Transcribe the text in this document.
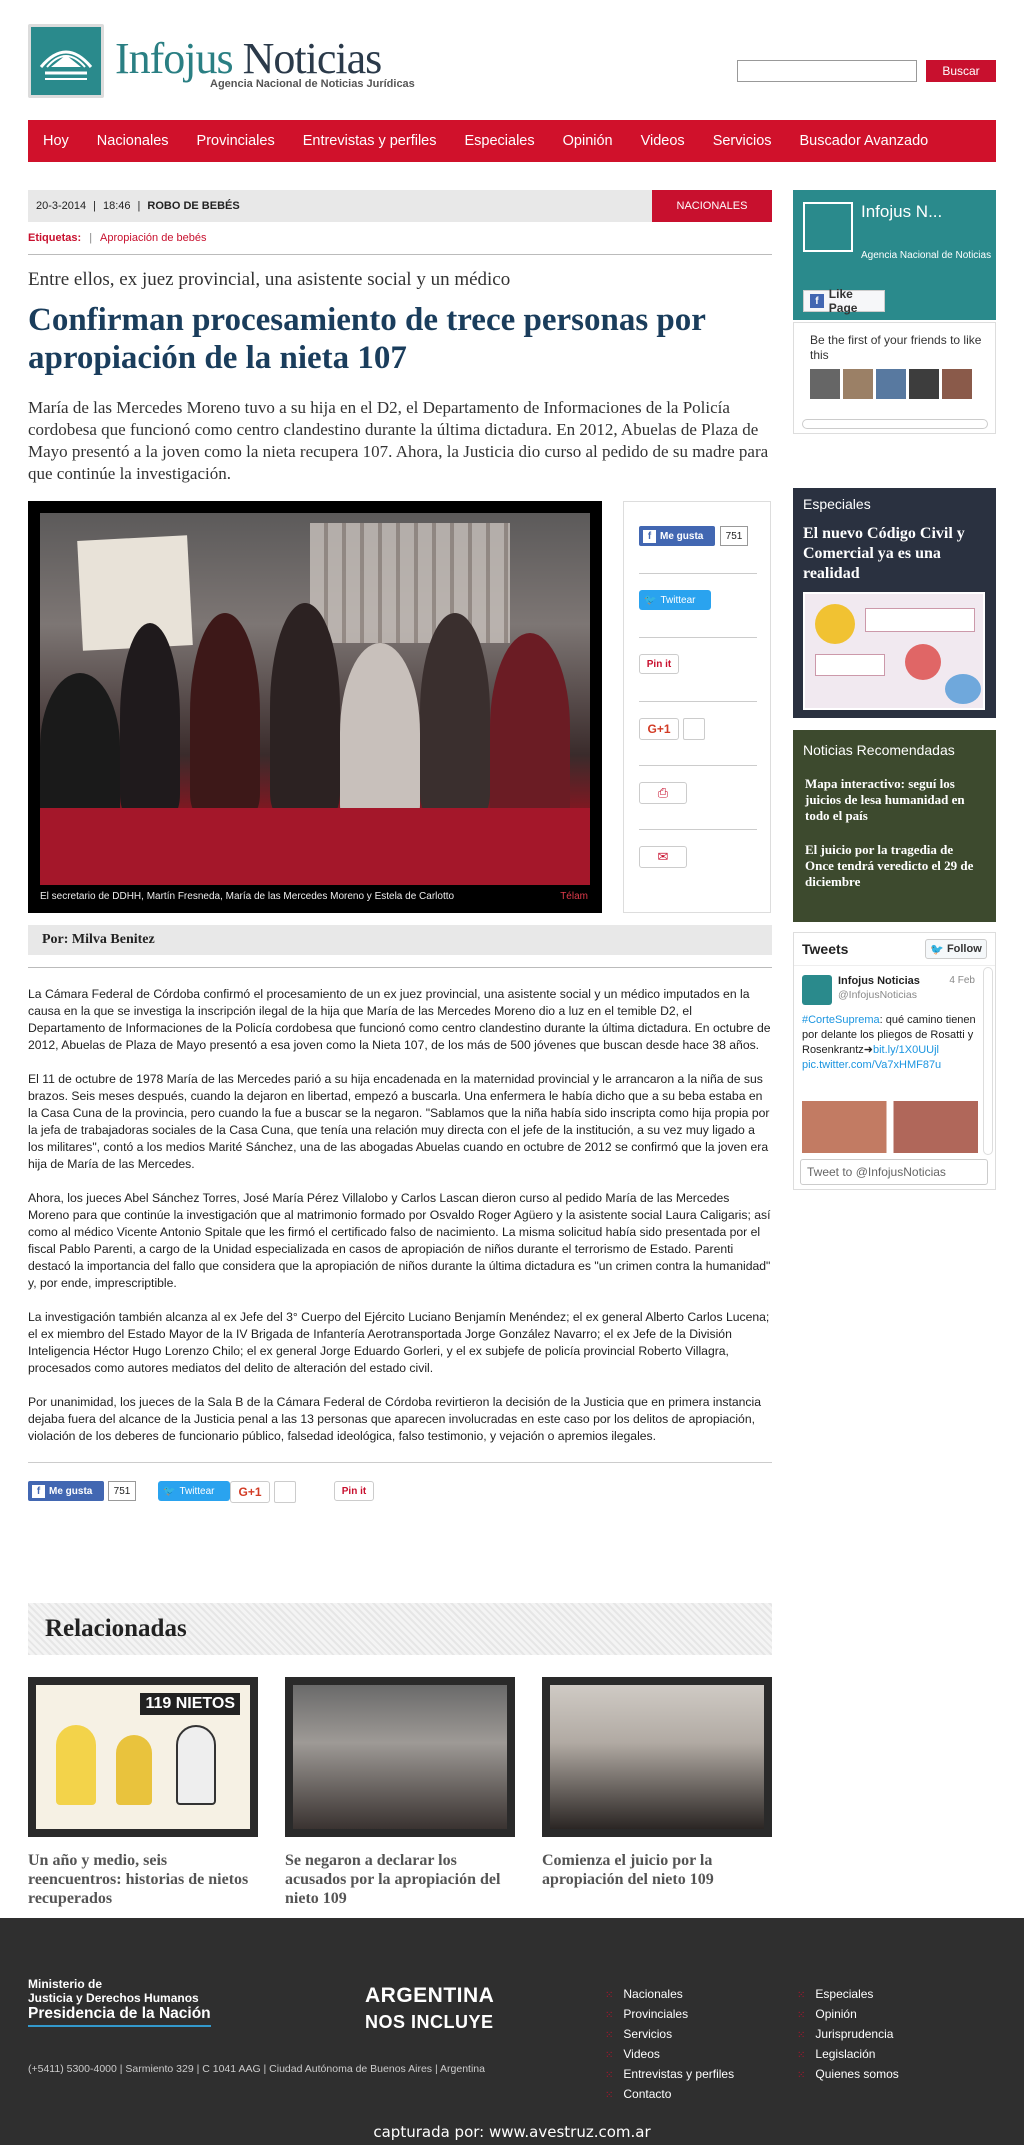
Infojus Noticias
Agencia Nacional de Noticias Jurídicas
Buscar
Hoy Nacionales Provinciales Entrevistas y perfiles Especiales Opinión Videos Servicios Buscador Avanzado
20-3-2014 | 18:46 | ROBO DE BEBÉS	NACIONALES
Etiquetas: | Apropiación de bebés
Entre ellos, ex juez provincial, una asistente social y un médico
Confirman procesamiento de trece personas por apropiación de la nieta 107
María de las Mercedes Moreno tuvo a su hija en el D2, el Departamento de Informaciones de la Policía cordobesa que funcionó como centro clandestino durante la última dictadura. En 2012, Abuelas de Plaza de Mayo presentó a la joven como la nieta recupera 107. Ahora, la Justicia dio curso al pedido de su madre para que continúe la investigación.
El secretario de DDHH, Martín Fresneda, María de las Mercedes Moreno y Estela de Carlotto	Télam
f Me gusta	751
🐦 Twittear
Pin it
G+1
⎙
✉
Por: Milva Benitez

La Cámara Federal de Córdoba confirmó el procesamiento de un ex juez provincial, una asistente social y un médico imputados en la causa en la que se investiga la inscripción ilegal de la hija que María de las Mercedes Moreno dio a luz en el temible D2, el Departamento de Informaciones de la Policía cordobesa que funcionó como centro clandestino durante la última dictadura. En octubre de 2012, Abuelas de Plaza de Mayo presentó a esa joven como la Nieta 107, de los más de 500 jóvenes que buscan desde hace 38 años.

El 11 de octubre de 1978 María de las Mercedes parió a su hija encadenada en la maternidad provincial y le arrancaron a la niña de sus brazos. Seis meses después, cuando la dejaron en libertad, empezó a buscarla. Una enfermera le había dicho que a su beba estaba en la Casa Cuna de la provincia, pero cuando la fue a buscar se la negaron. "Sablamos que la niña había sido inscripta como hija propia por la jefa de trabajadoras sociales de la Casa Cuna, que tenía una relación muy directa con el jefe de la institución, a su vez muy ligado a los militares", contó a los medios Marité Sánchez, una de las abogadas Abuelas cuando en octubre de 2012 se confirmó que la joven era hija de María de las Mercedes.

Ahora, los jueces Abel Sánchez Torres, José María Pérez Villalobo y Carlos Lascan dieron curso al pedido María de las Mercedes Moreno para que continúe la investigación que al matrimonio formado por Osvaldo Roger Agüero y la asistente social Laura Caligaris; así como al médico Vicente Antonio Spitale que les firmó el certificado falso de nacimiento. La misma solicitud había sido presentada por el fiscal Pablo Parenti, a cargo de la Unidad especializada en casos de apropiación de niños durante el terrorismo de Estado. Parenti destacó la importancia del fallo que considera que la apropiación de niños durante la última dictadura es "un crimen contra la humanidad" y, por ende, imprescriptible.

La investigación también alcanza al ex Jefe del 3° Cuerpo del Ejército Luciano Benjamín Menéndez; el ex general Alberto Carlos Lucena; el ex miembro del Estado Mayor de la IV Brigada de Infantería Aerotransportada Jorge González Navarro; el ex Jefe de la División Inteligencia Héctor Hugo Lorenzo Chilo; el ex general Jorge Eduardo Gorleri, y el ex subjefe de policía provincial Roberto Villagra, procesados como autores mediatos del delito de alteración del estado civil.

Por unanimidad, los jueces de la Sala B de la Cámara Federal de Córdoba revirtieron la decisión de la Justicia que en primera instancia dejaba fuera del alcance de la Justicia penal a las 13 personas que aparecen involucradas en este caso por los delitos de apropiación, violación de los deberes de funcionario público, falsedad ideológica, falso testimonio, y vejación o apremios ilegales.

f Me gusta	751	🐦 Twittear	G+1	Pin it
Relacionadas
119 NIETOS
Un año y medio, seis reencuentros: historias de nietos recuperados
Se negaron a declarar los acusados por la apropiación del nieto 109
Comienza el juicio por la apropiación del nieto 109
Infojus N...
Agencia Nacional de Noticias
f Like Page
Be the first of your friends to like this
Especiales
El nuevo Código Civil y Comercial ya es una realidad
Noticias Recomendadas
Mapa interactivo: seguí los juicios de lesa humanidad en todo el país
El juicio por la tragedia de Once tendrá veredicto el 29 de diciembre
Tweets	🐦 Follow
Infojus Noticias	4 Feb
@InfojusNoticias
#CorteSuprema: qué camino tienen por delante los pliegos de Rosatti y Rosenkrantz➜bit.ly/1X0UUjl pic.twitter.com/Va7xHMF87u
Tweet to @InfojusNoticias
Ministerio de
Justicia y Derechos Humanos
Presidencia de la Nación
ARGENTINA
NOS INCLUYE
(+5411) 5300-4000 | Sarmiento 329 | C 1041 AAG | Ciudad Autónoma de Buenos Aires | Argentina
⁙ Nacionales
⁙ Provinciales
⁙ Servicios
⁙ Videos
⁙ Entrevistas y perfiles
⁙ Contacto
⁙ Especiales
⁙ Opinión
⁙ Jurisprudencia
⁙ Legislación
⁙ Quienes somos
capturada por: www.avestruz.com.ar
